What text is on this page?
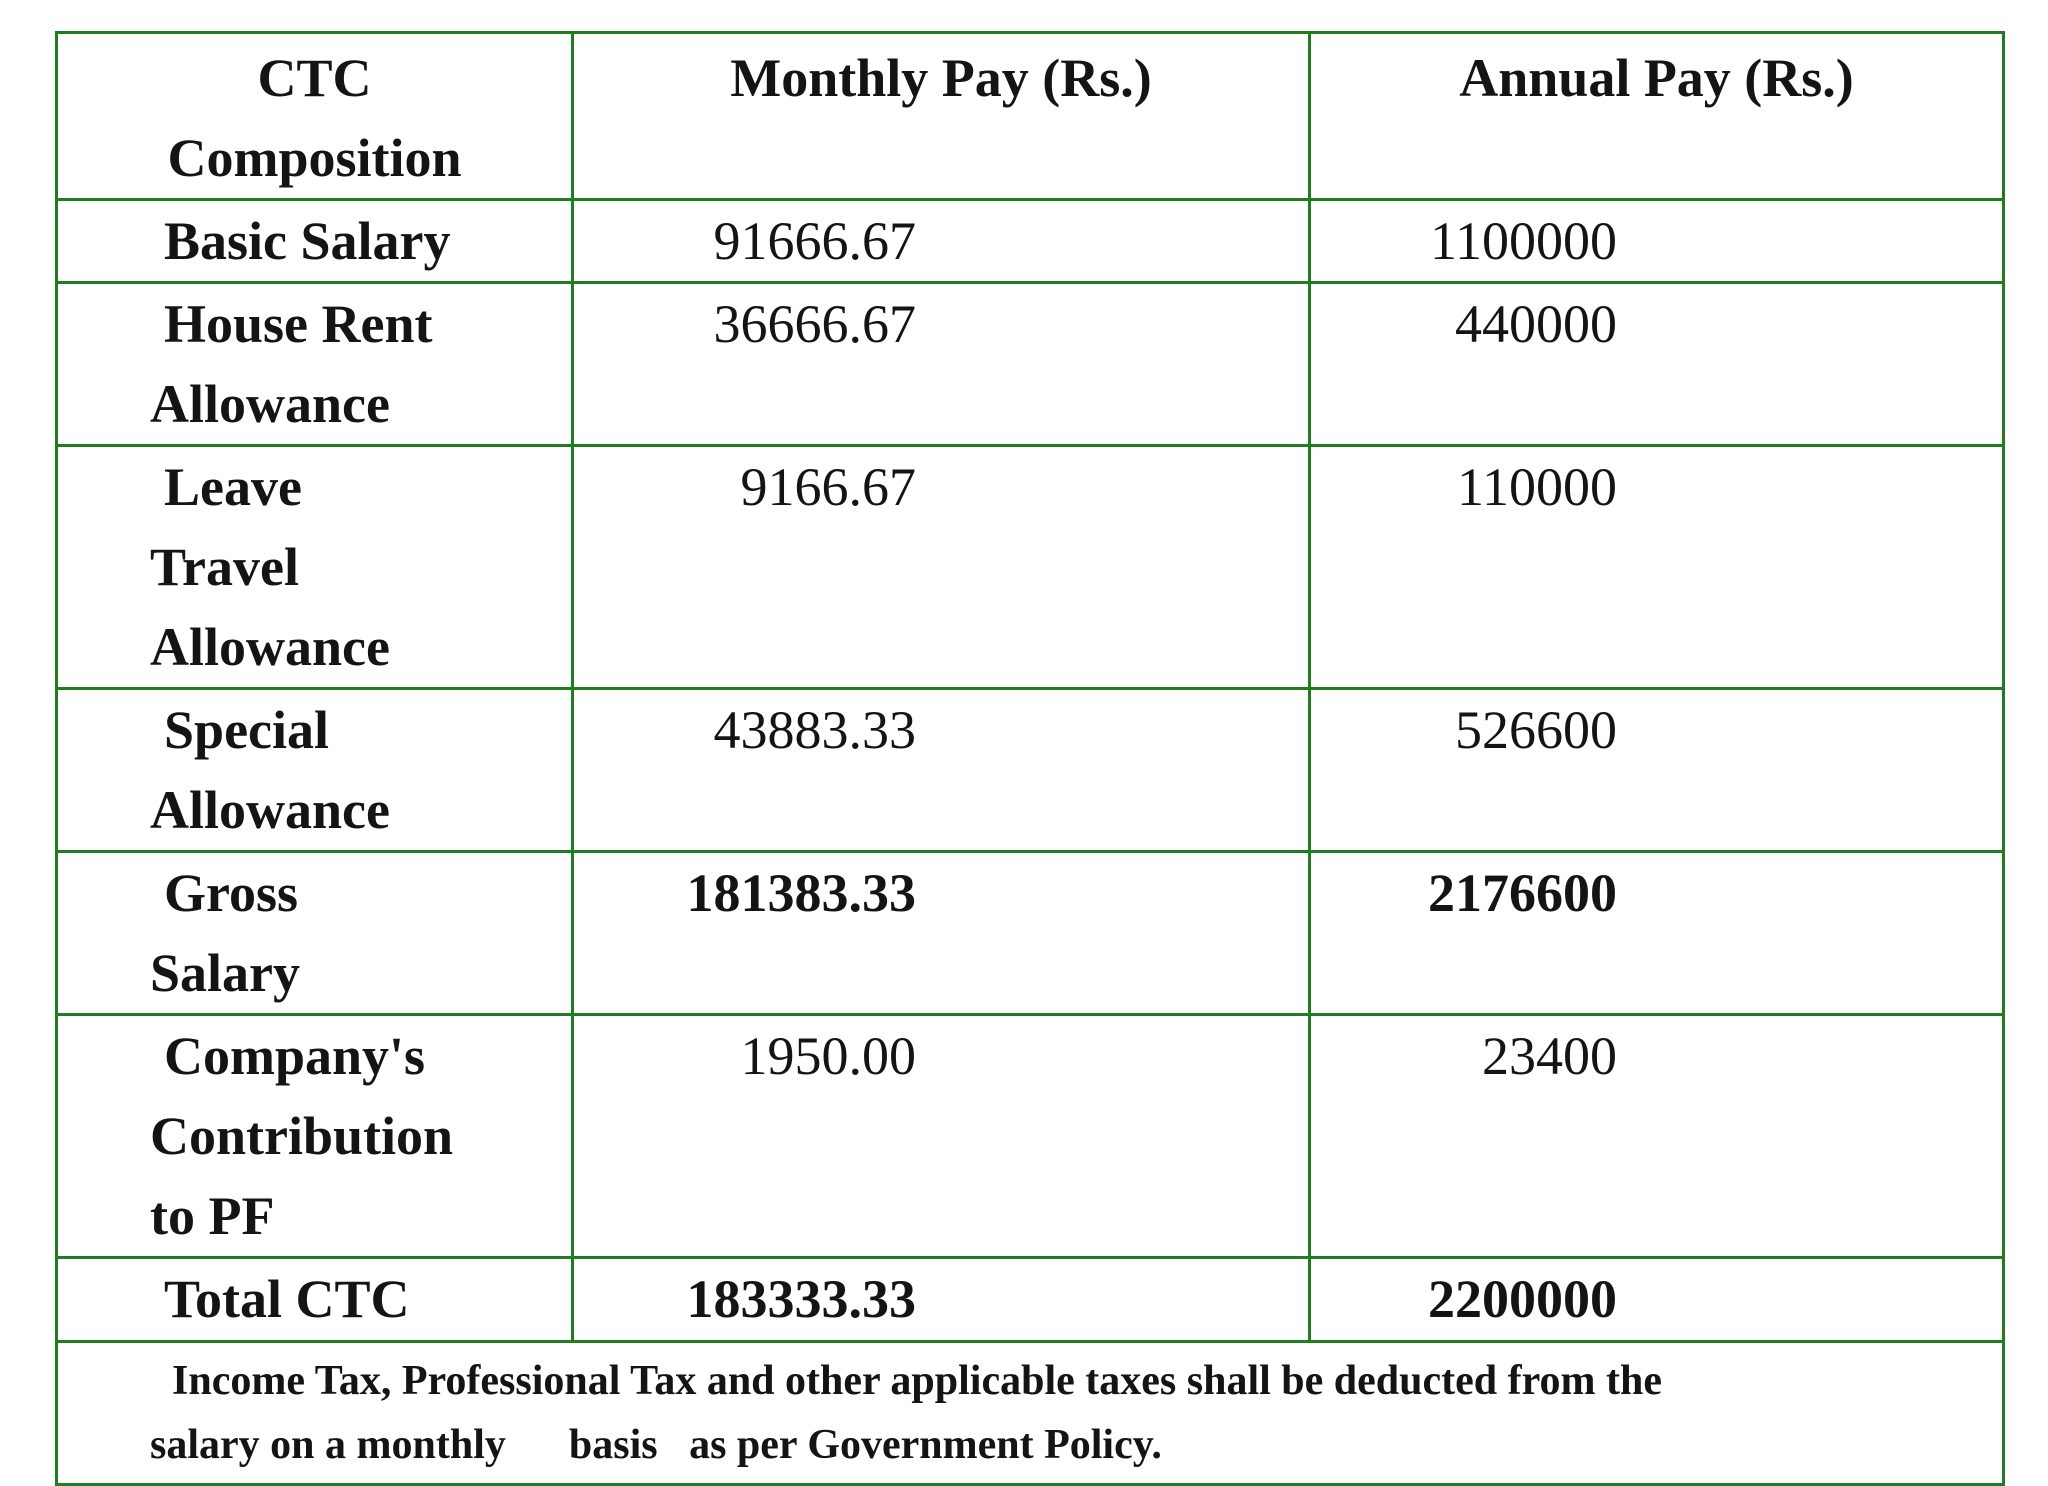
CTC
Composition	Monthly Pay (Rs.)	Annual Pay (Rs.)

Basic Salary	91666.67	1100000

House Rent
Allowance	36666.67	440000

Leave
Travel
Allowance	9166.67	110000

Special
Allowance	43883.33	526600

Gross
Salary	181383.33	2176600

Company's
Contribution
to PF	1950.00	23400

Total CTC	183333.33	2200000

Income Tax, Professional Tax and other applicable taxes shall be deducted from the
salary on a monthly      basis   as per Government Policy.		
